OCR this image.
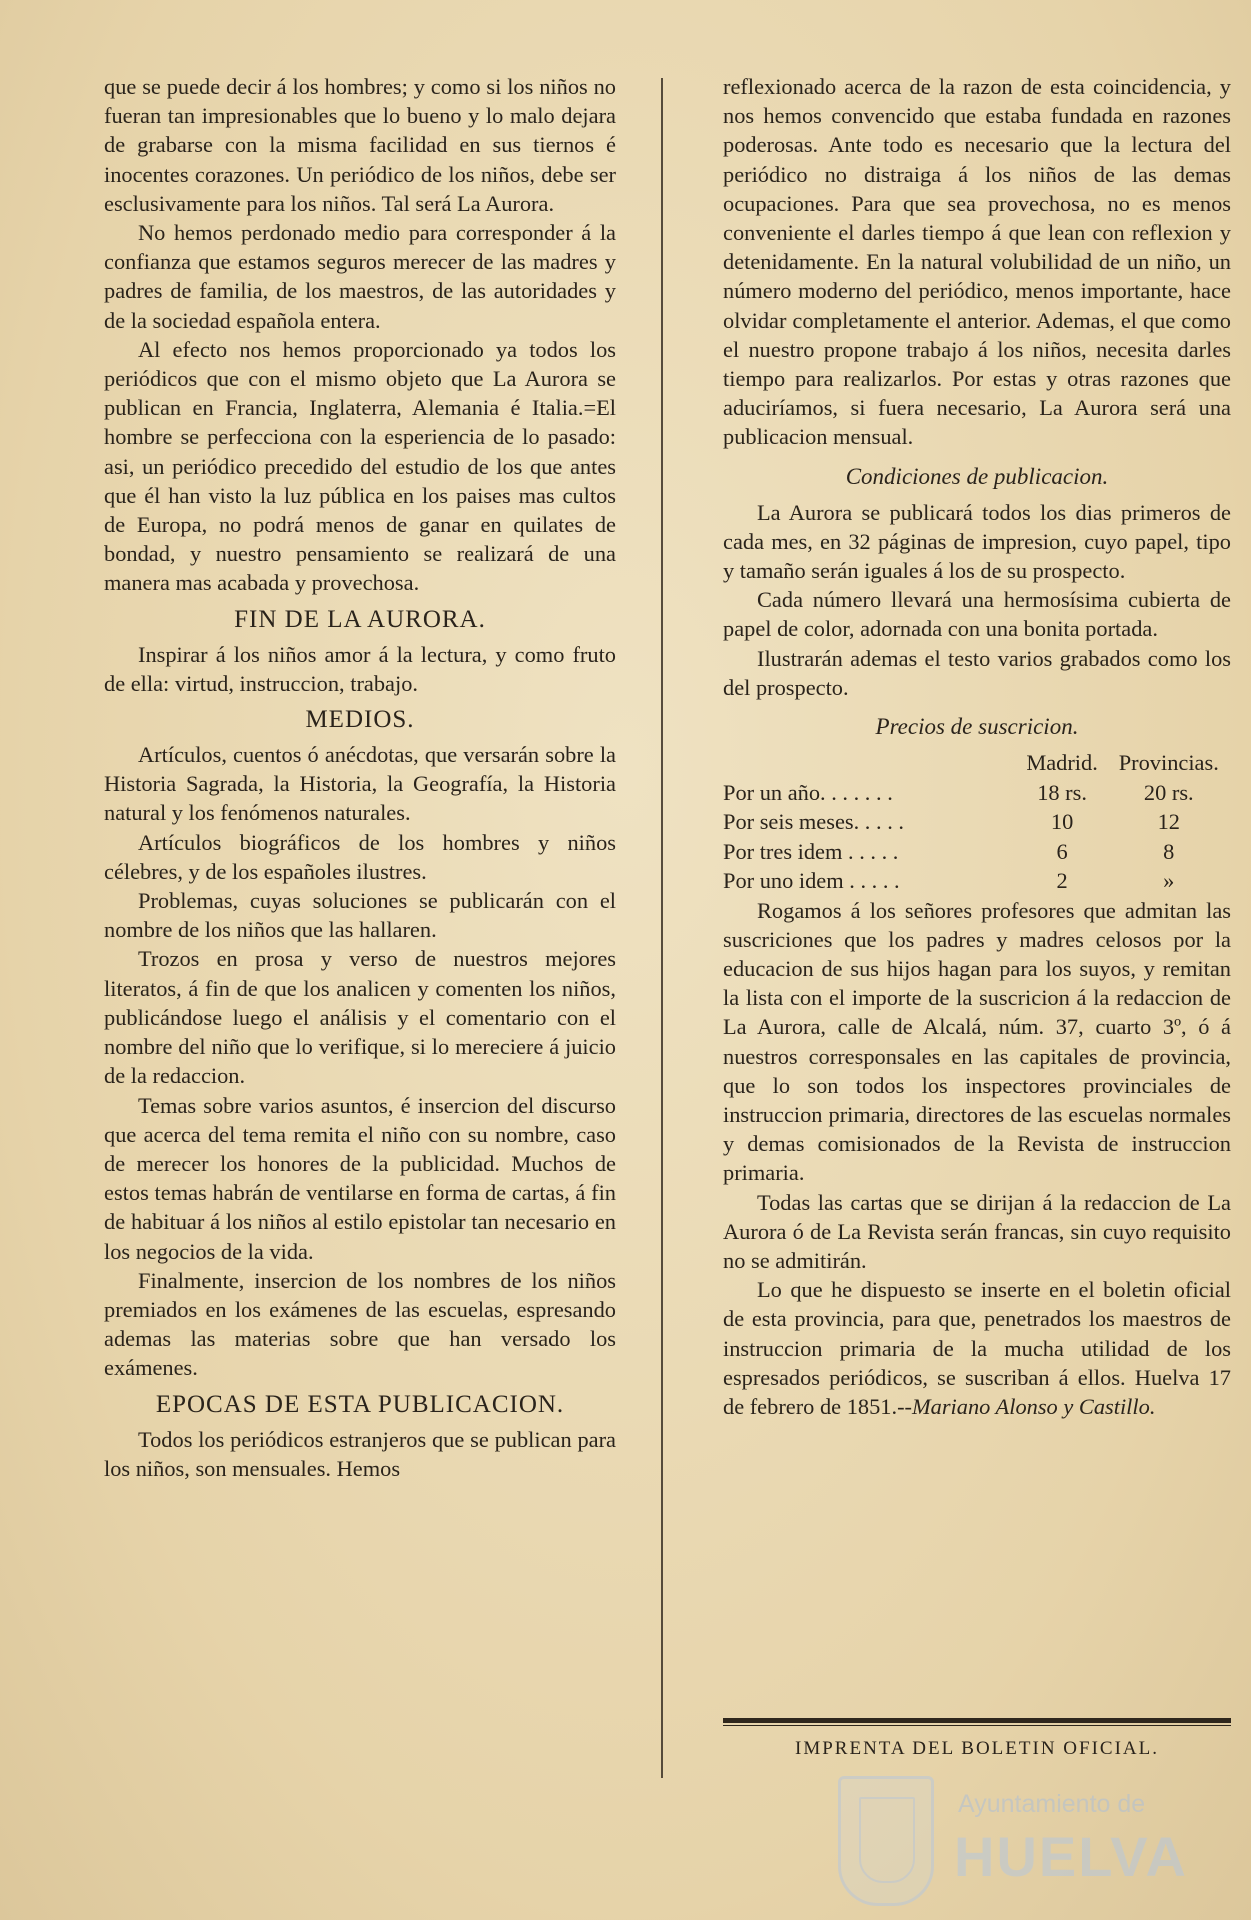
que se puede decir á los hombres; y como si los niños no fueran tan impresionables que lo bueno y lo malo dejara de grabarse con la misma facilidad en sus tiernos é inocentes corazones. Un periódico de los niños, debe ser esclusivamente para los niños. Tal será La Aurora.

No hemos perdonado medio para corresponder á la confianza que estamos seguros merecer de las madres y padres de familia, de los maestros, de las autoridades y de la sociedad española entera.

Al efecto nos hemos proporcionado ya todos los periódicos que con el mismo objeto que La Aurora se publican en Francia, Inglaterra, Alemania é Italia.=El hombre se perfecciona con la esperiencia de lo pasado: asi, un periódico precedido del estudio de los que antes que él han visto la luz pública en los paises mas cultos de Europa, no podrá menos de ganar en quilates de bondad, y nuestro pensamiento se realizará de una manera mas acabada y provechosa.

FIN DE LA AURORA.

Inspirar á los niños amor á la lectura, y como fruto de ella: virtud, instruccion, trabajo.

MEDIOS.

Artículos, cuentos ó anécdotas, que versarán sobre la Historia Sagrada, la Historia, la Geografía, la Historia natural y los fenómenos naturales.

Artículos biográficos de los hombres y niños célebres, y de los españoles ilustres.

Problemas, cuyas soluciones se publicarán con el nombre de los niños que las hallaren.

Trozos en prosa y verso de nuestros mejores literatos, á fin de que los analicen y comenten los niños, publicándose luego el análisis y el comentario con el nombre del niño que lo verifique, si lo mereciere á juicio de la redaccion.

Temas sobre varios asuntos, é insercion del discurso que acerca del tema remita el niño con su nombre, caso de merecer los honores de la publicidad. Muchos de estos temas habrán de ventilarse en forma de cartas, á fin de habituar á los niños al estilo epistolar tan necesario en los negocios de la vida.

Finalmente, insercion de los nombres de los niños premiados en los exámenes de las escuelas, espresando ademas las materias sobre que han versado los exámenes.

EPOCAS DE ESTA PUBLICACION.

Todos los periódicos estranjeros que se publican para los niños, son mensuales. Hemos

reflexionado acerca de la razon de esta coincidencia, y nos hemos convencido que estaba fundada en razones poderosas. Ante todo es necesario que la lectura del periódico no distraiga á los niños de las demas ocupaciones. Para que sea provechosa, no es menos conveniente el darles tiempo á que lean con reflexion y detenidamente. En la natural volubilidad de un niño, un número moderno del periódico, menos importante, hace olvidar completamente el anterior. Ademas, el que como el nuestro propone trabajo á los niños, necesita darles tiempo para realizarlos. Por estas y otras razones que aduciríamos, si fuera necesario, La Aurora será una publicacion mensual.

Condiciones de publicacion.

La Aurora se publicará todos los dias primeros de cada mes, en 32 páginas de impresion, cuyo papel, tipo y tamaño serán iguales á los de su prospecto.

Cada número llevará una hermosísima cubierta de papel de color, adornada con una bonita portada.

Ilustrarán ademas el testo varios grabados como los del prospecto.

Precios de suscricion.
	Madrid.	Provincias.
Por un año. . . . . . .	18 rs.	20 rs.
Por seis meses. . . . .	10	12
Por tres idem . . . . .	6	8
Por uno idem . . . . .	2	»

Rogamos á los señores profesores que admitan las suscriciones que los padres y madres celosos por la educacion de sus hijos hagan para los suyos, y remitan la lista con el importe de la suscricion á la redaccion de La Aurora, calle de Alcalá, núm. 37, cuarto 3º, ó á nuestros corresponsales en las capitales de provincia, que lo son todos los inspectores provinciales de instruccion primaria, directores de las escuelas normales y demas comisionados de la Revista de instruccion primaria.

Todas las cartas que se dirijan á la redaccion de La Aurora ó de La Revista serán francas, sin cuyo requisito no se admitirán.

Lo que he dispuesto se inserte en el boletin oficial de esta provincia, para que, penetrados los maestros de instruccion primaria de la mucha utilidad de los espresados periódicos, se suscriban á ellos. Huelva 17 de febrero de 1851.--Mariano Alonso y Castillo.

IMPRENTA DEL BOLETIN OFICIAL.
Ayuntamiento de
HUELVA
